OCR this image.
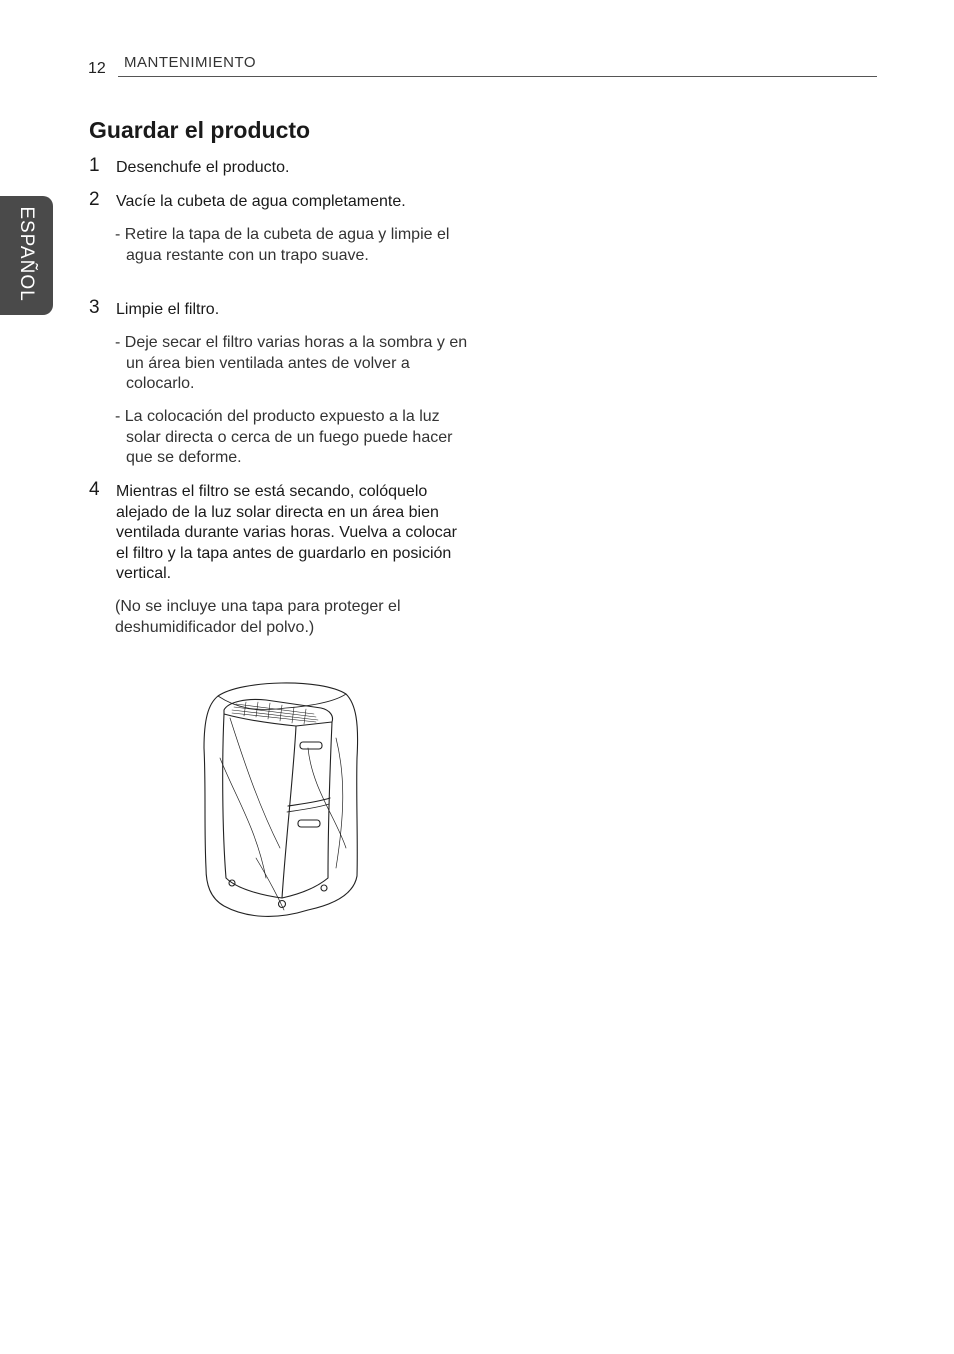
12 MANTENIMIENTO
ESPAÑOL
Guardar el producto
1 Desenchufe el producto.
2 Vacíe la cubeta de agua completamente.
- Retire la tapa de la cubeta de agua y limpie el agua restante con un trapo suave.
3 Limpie el filtro.
- Deje secar el filtro varias horas a la sombra y en un área bien ventilada antes de volver a colocarlo.
- La colocación del producto expuesto a la luz solar directa o cerca de un fuego puede hacer que se deforme.
4 Mientras el filtro se está secando, colóquelo alejado de la luz solar directa en un área bien ventilada durante varias horas. Vuelva a colocar el filtro y la tapa antes de guardarlo en posición vertical.
(No se incluye una tapa para proteger el deshumidificador del polvo.)
